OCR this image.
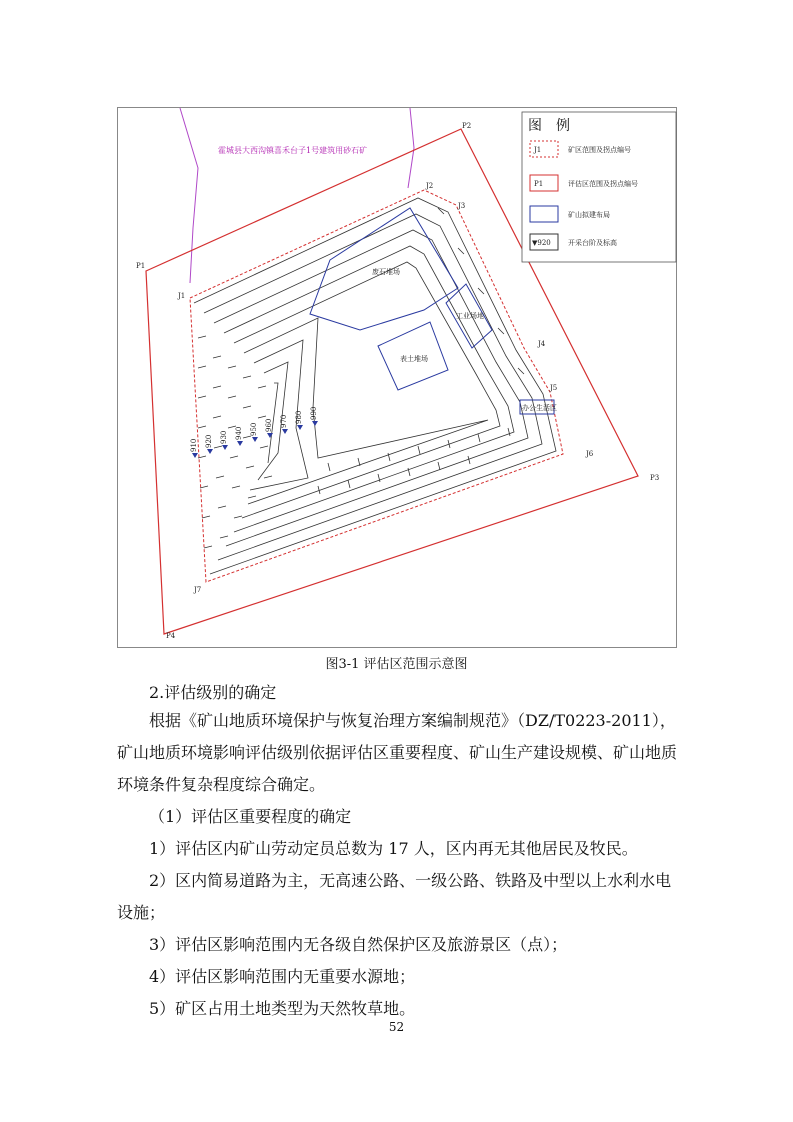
霍城县大西沟镇喜禾台子1号建筑用砂石矿
废石堆场
工业场地
表土堆场
办公生活区
910 920 930 940 950 960 970 980 990
P1
P2
P3
P4
J1
J2
J3
J4
J5
J6
J7
图　例
J1	矿区范围及拐点编号
P1	评估区范围及拐点编号
矿山拟建布局
▼920 开采台阶及标高
图3-1 评估区范围示意图
2.评估级别的确定
根据《矿山地质环境保护与恢复治理方案编制规范》（DZ/T0223-2011），矿山地质环境影响评估级别依据评估区重要程度、矿山生产建设规模、矿山地质环境条件复杂程度综合确定。
（1）评估区重要程度的确定
1）评估区内矿山劳动定员总数为 17 人，区内再无其他居民及牧民。
2）区内简易道路为主，无高速公路、一级公路、铁路及中型以上水利水电设施；
3）评估区影响范围内无各级自然保护区及旅游景区（点）；
4）评估区影响范围内无重要水源地；
5）矿区占用土地类型为天然牧草地。
52
